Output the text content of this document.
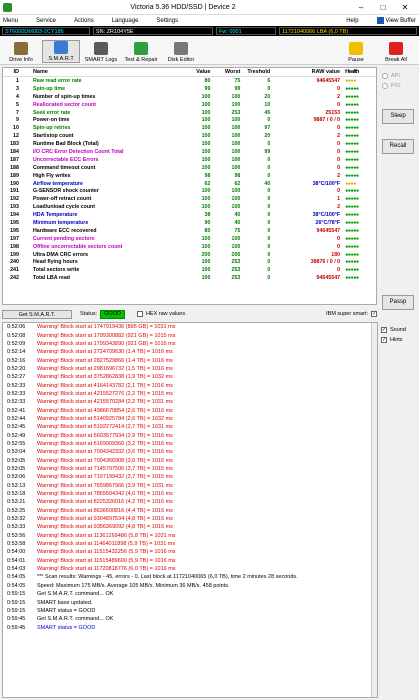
Victoria 5.36 HDD/SSD | Device 2	–	□	✕
Menu	Service	Actions	Language	Settings	Help	View Buffer
ST6000DM003-2CY186	SN: ZR104Y5E	Fw: 0001	11721040066 LBA (6,0 TB)
Drive Info	S.M.A.R.T SMART Logs Test & Repair Disk Editor	Pause	Break All
ID	Name	Value	Worst	Treshold	RAW value Health
1	Raw read error rate	80	75	6	94645547 ●●●●
3	Spin-up time	99	99	0	0 ●●●●●
4	Number of spin-up times	100	100	20	2 ●●●●●
5	Reallocated sector count	100	100	10	0 ●●●●●
7	Seek error rate	100	253	45	25153 ●●●●●
9	Power-on time	100	100	0	9887 / 0 / 0 ●●●●●
10	Spin-up retries	100	100	97	0 ●●●●●
12	Start/stop count	100	100	20	2 ●●●●●
183	Runtime Bad Block (Total)	100	100	0	0 ●●●●●
184	I/O CRC Error Detection Count Total	100	100	99	0 ●●●●●
187	Uncorrectable ECC Errors	100	100	0	0 ●●●●●
188	Command timeout count	100	100	0	0 ●●●●●
189	High Fly writes	98	98	0	2 ●●●●●
190	Airflow temperature	62	62	40	38°C/100°F ●●●●
191	G-SENSOR shock counter	100	100	0	0 ●●●●●
192	Power-off retract count	100	100	0	1 ●●●●●
193	Load/unload cycle count	100	100	0	2 ●●●●●
194	HDA Temperature	38	40	0	38°C/100°F ●●●●●
195	Minimum temperature	90	40	0	26°C/78°F ●●●●●
195	Hardware ECC recovered	80	75	0	94645547 ●●●●●
197	Current pending sectors	100	100	0	0 ●●●●●
198	Offline uncorrectable sectors count	100	100	0	0 ●●●●●
199	Ultra DMA CRC errors	200	200	0	180 ●●●●●
240	Head flying hours	100	253	0	38876 / 0 / 0 ●●●●●
241	Total sectors write	100	253	0	0 ●●●●●
242	Total LBA read	100	253	0	94645547 ●●●●●
API
PIO
Sleep
Recall
Passp
Get S.M.A.R.T.	Status:	GOOD	HEX raw values	IBM super smart: ✓
0:52:06	Warning! Block start at 1747919436 (895 GB) = 1031 ms
0:52:08	Warning! Block start at 1799300882 (921 GB) = 1015 ms
0:52:09	Warning! Block start at 1799343890 (921 GB) = 1016 ms
0:52:14	Warning! Block start at 2724709630 (1,4 TB) = 1016 ms
0:52:16	Warning! Block start at 2827529866 (1,4 TB) = 1016 ms
0:52:20	Warning! Block start at 2981696732 (1,5 TB) = 1016 ms
0:52:27	Warning! Block start at 3752862838 (1,9 TB) = 1032 ms
0:52:33	Warning! Block start at 4164143782 (2,1 TB) = 1016 ms
0:52:33	Warning! Block start at 4215527276 (2,2 TB) = 1015 ms
0:52:33	Warning! Block start at 4215570284 (2,2 TB) = 1031 ms
0:52:41	Warning! Block start at 4986670854 (2,6 TB) = 1016 ms
0:52:44	Warning! Block start at 5140925784 (2,6 TB) = 1032 ms
0:52:45	Warning! Block start at 5192272414 (2,7 TB) = 1031 ms
0:52:49	Warning! Block start at 5603577934 (2,9 TB) = 1016 ms
0:52:55	Warning! Block start at 6169009360 (3,2 TB) = 1016 ms
0:53:04	Warning! Block start at 7094342332 (3,6 TB) = 1016 ms
0:53:05	Warning! Block start at 7094366908 (3,6 TB) = 1016 ms
0:53:05	Warning! Block start at 7145797506 (3,7 TB) = 1015 ms
0:53:06	Warning! Block start at 7197199432 (3,7 TB) = 1015 ms
0:53:13	Warning! Block start at 7659867966 (3,9 TB) = 1031 ms
0:53:18	Warning! Block start at 7865504342 (4,0 TB) = 1016 ms
0:53:21	Warning! Block start at 8225326016 (4,2 TB) = 1016 ms
0:53:25	Warning! Block start at 8636600816 (4,4 TB) = 1016 ms
0:53:32	Warning! Block start at 9304897534 (4,8 TB) = 1016 ms
0:53:33	Warning! Block start at 9356369092 (4,8 TB) = 1016 ms
0:53:56	Warning! Block start at 11361269486 (5,8 TB) = 1031 ms
0:53:58	Warning! Block start at 11464011898 (5,9 TB) = 1031 ms
0:54:00	Warning! Block start at 11515432256 (5,9 TB) = 1016 ms
0:54:01	Warning! Block start at 11515489600 (5,9 TB) = 1016 ms
0:54:03	Warning! Block start at 11720818776 (6,0 TB) = 1016 ms
0:54:05	*** Scan results: Warnings - 45, errors - 0. Last block at 11721040065 (6,0 TB), time 2 minutes 28 seconds.
0:54:05	Speed: Maximum 175 MB/s. Average 105 MB/s. Minimum 36 MB/s. 458 points.
0:59:15	Get S.M.A.R.T. command... OK
0:59:15	SMART base updated.
0:59:15	SMART status = GOOD
0:59:45	Get S.M.A.R.T. command... OK
0:59:45	SMART status = GOOD
✓ Sound
✓ Hints
